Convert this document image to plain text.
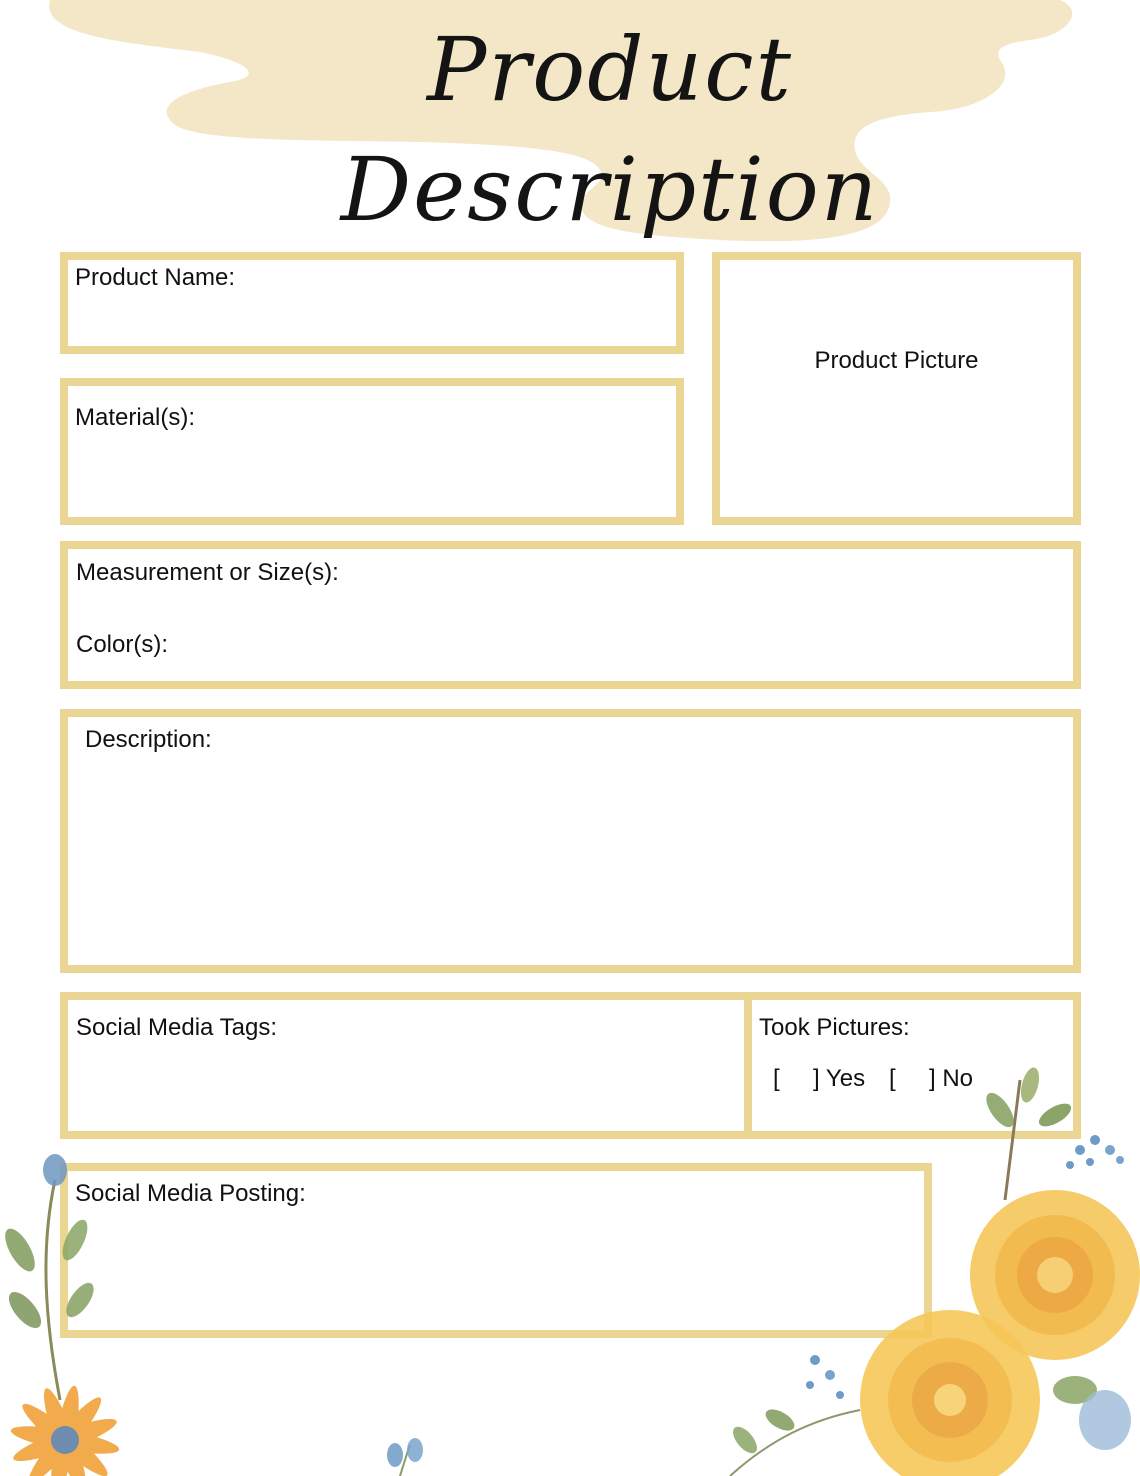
Product Description
Product Name:
Material(s):
Product Picture
Measurement or Size(s):
Color(s):
Description:
Social Media Tags:	Took Pictures:
[     ] Yes [     ] No
Social Media Posting:
